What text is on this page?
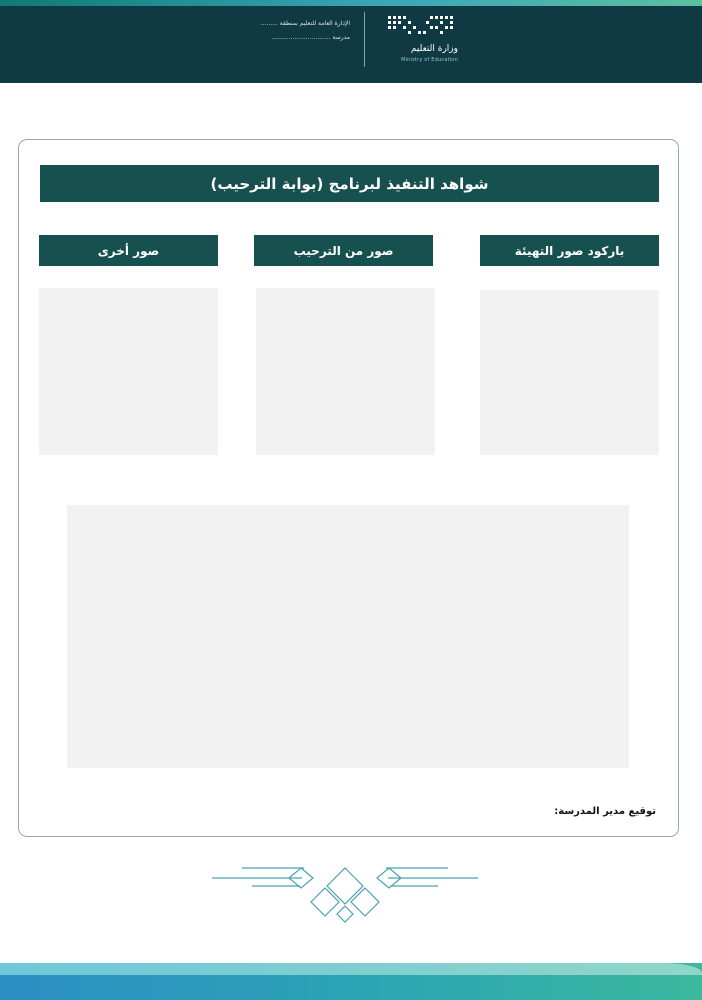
وزارة التعليم
Ministry of Education
الإدارة العامة للتعليم بمنطقة .........
مدرسة ...............................
شواهد التنفيذ لبرنامج (بوابة الترحيب)
باركود صور التهيئة
صور من الترحيب
صور أخرى
توقيع مدير المدرسة:
